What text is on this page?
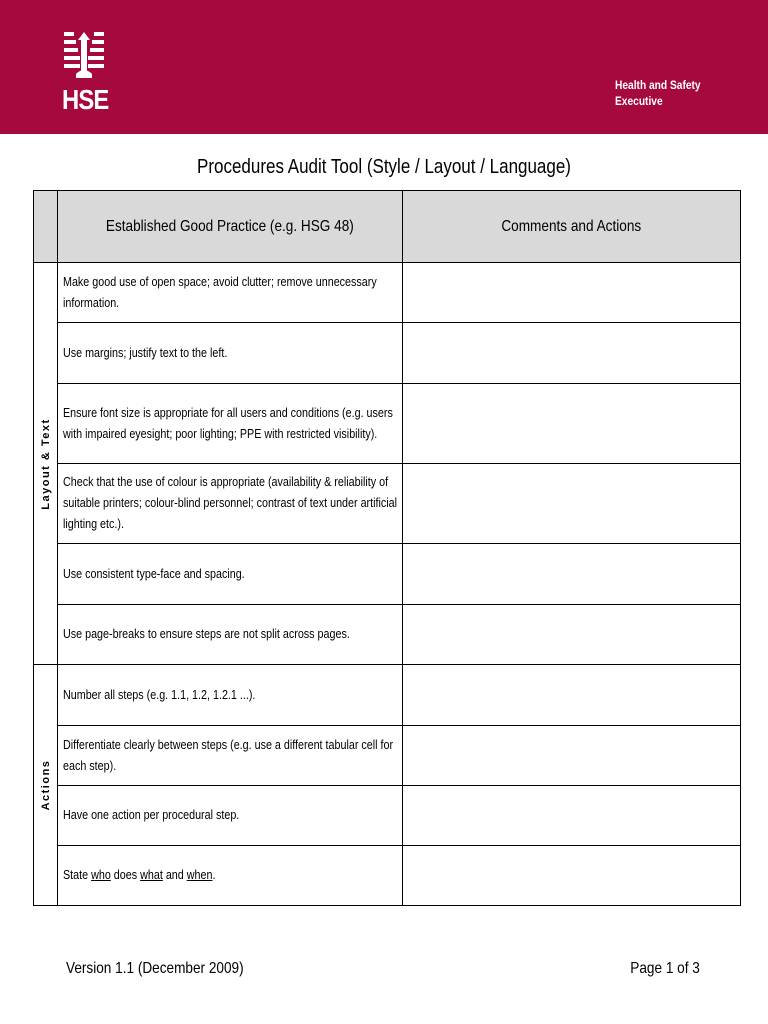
HSE	Health and Safety
Executive
Procedures Audit Tool (Style / Layout / Language)
	Established Good Practice (e.g. HSG 48)	Comments and Actions

Layout & Text	Make good use of open space; avoid clutter; remove unnecessary information.	

	Use margins; justify text to the left.	

	Ensure font size is appropriate for all users and conditions (e.g. users with impaired eyesight; poor lighting; PPE with restricted visibility).	

	Check that the use of colour is appropriate (availability & reliability of suitable printers; colour-blind personnel; contrast of text under artificial lighting etc.).	

	Use consistent type-face and spacing.	

	Use page-breaks to ensure steps are not split across pages.	

Actions	Number all steps (e.g. 1.1, 1.2, 1.2.1 ...).	

	Differentiate clearly between steps (e.g. use a different tabular cell for each step).	

	Have one action per procedural step.	

	State who does what and when.	

Version 1.1 (December 2009)	Page 1 of 3
